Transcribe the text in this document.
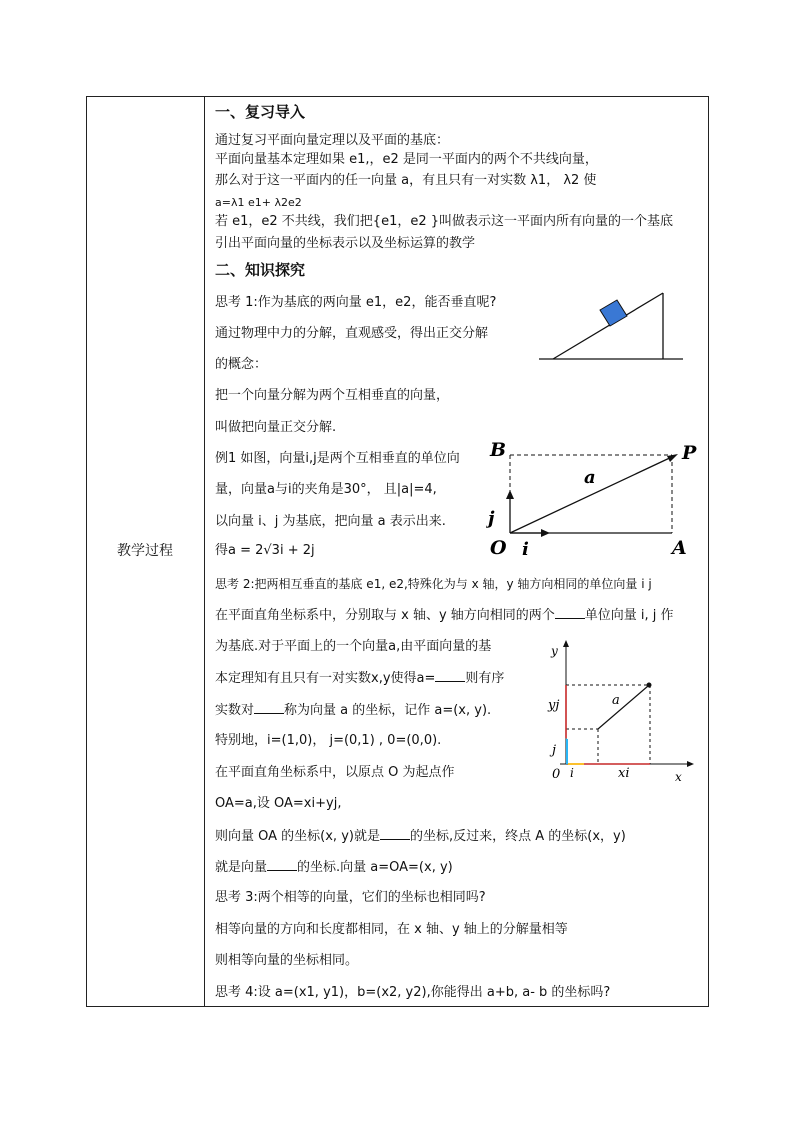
教学过程
一、复习导入
通过复习平面向量定理以及平面的基底：
平面向量基本定理如果 e1,，e2 是同一平面内的两个不共线向量，
那么对于这一平面内的任一向量 a，有且只有一对实数 λ1， λ2 使
a=λ1 e1+ λ2e2
若 e1，e2 不共线，我们把{e1，e2 }叫做表示这一平面内所有向量的一个基底
引出平面向量的坐标表示以及坐标运算的教学
二、知识探究
思考 1:作为基底的两向量 e1，e2，能否垂直呢?
通过物理中力的分解，直观感受，得出正交分解
的概念：
把一个向量分解为两个互相垂直的向量，
叫做把向量正交分解.
例1 如图，向量i,j是两个互相垂直的单位向
量，向量a与i的夹角是30°， 且|a|=4,
以向量 i、j 为基底，把向量 a 表示出来.
得a = 2√3i + 2j
思考 2:把两相互垂直的基底 e1, e2,特殊化为与 x 轴，y 轴方向相同的单位向量 i j
在平面直角坐标系中，分别取与 x 轴、y 轴方向相同的两个 单位向量 i, j 作
为基底.对于平面上的一个向量a,由平面向量的基
本定理知有且只有一对实数x,y使得a= 则有序
实数对 称为向量 a 的坐标，记作 a=(x, y).
特别地，i=(1,0)， j=(0,1) , 0=(0,0).
在平面直角坐标系中，以原点 O 为起点作
OA=a,设 OA=xi+yj,
则向量 OA 的坐标(x, y)就是 的坐标,反过来，终点 A 的坐标(x，y)
就是向量 的坐标.向量 a=OA=(x, y)
思考 3:两个相等的向量，它们的坐标也相同吗?
相等向量的方向和长度都相同，在 x 轴、y 轴上的分解量相等
则相等向量的坐标相同。
思考 4:设 a=(x1, y1)，b=(x2, y2),你能得出 a+b, a- b 的坐标吗?
B	P
a
j
O i	A
y
a
yj
j
0 i	xi	x
